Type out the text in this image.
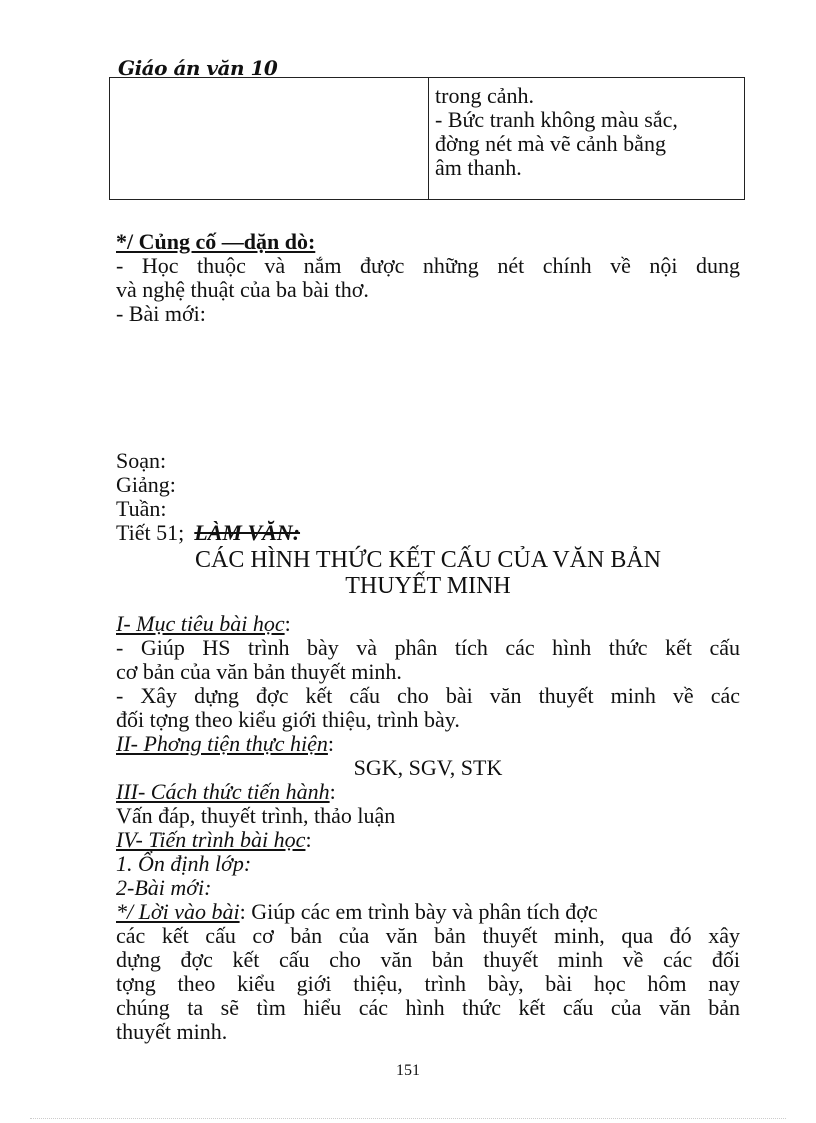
Giáo án văn 10
trong cảnh.
- Bức tranh không màu sắc,
đờng nét mà vẽ cảnh bằng
âm thanh.
*/ Củng cố —dặn dò:
- Học thuộc và nắm được những nét chính về nội dung
và nghệ thuật của ba bài thơ.
- Bài mới:
Soạn:
Giảng:
Tuần:
Tiết 51; LÀM VĂN:
CÁC HÌNH THỨC KẾT CẤU CỦA VĂN BẢN
THUYẾT MINH
I- Mục tiêu bài học:
- Giúp HS trình bày và phân tích các hình thức kết cấu
cơ bản của văn bản thuyết minh.
- Xây dựng đợc kết cấu cho bài văn thuyết minh về các
đối tợng theo kiểu giới thiệu, trình bày.
II- Phơng tiện thực hiện:
SGK, SGV, STK
III- Cách thức tiến hành:
Vấn đáp, thuyết trình, thảo luận
IV- Tiến trình bài học:
1. Ổn định lớp:
2-Bài mới:
*/ Lời vào bài: Giúp các em trình bày và phân tích đợc
các kết cấu cơ bản của văn bản thuyết minh, qua đó xây
dựng đợc kết cấu cho văn bản thuyết minh về các đối
tợng theo kiểu giới thiệu, trình bày, bài học hôm nay
chúng ta sẽ tìm hiểu các hình thức kết cấu của văn bản
thuyết minh.
151
